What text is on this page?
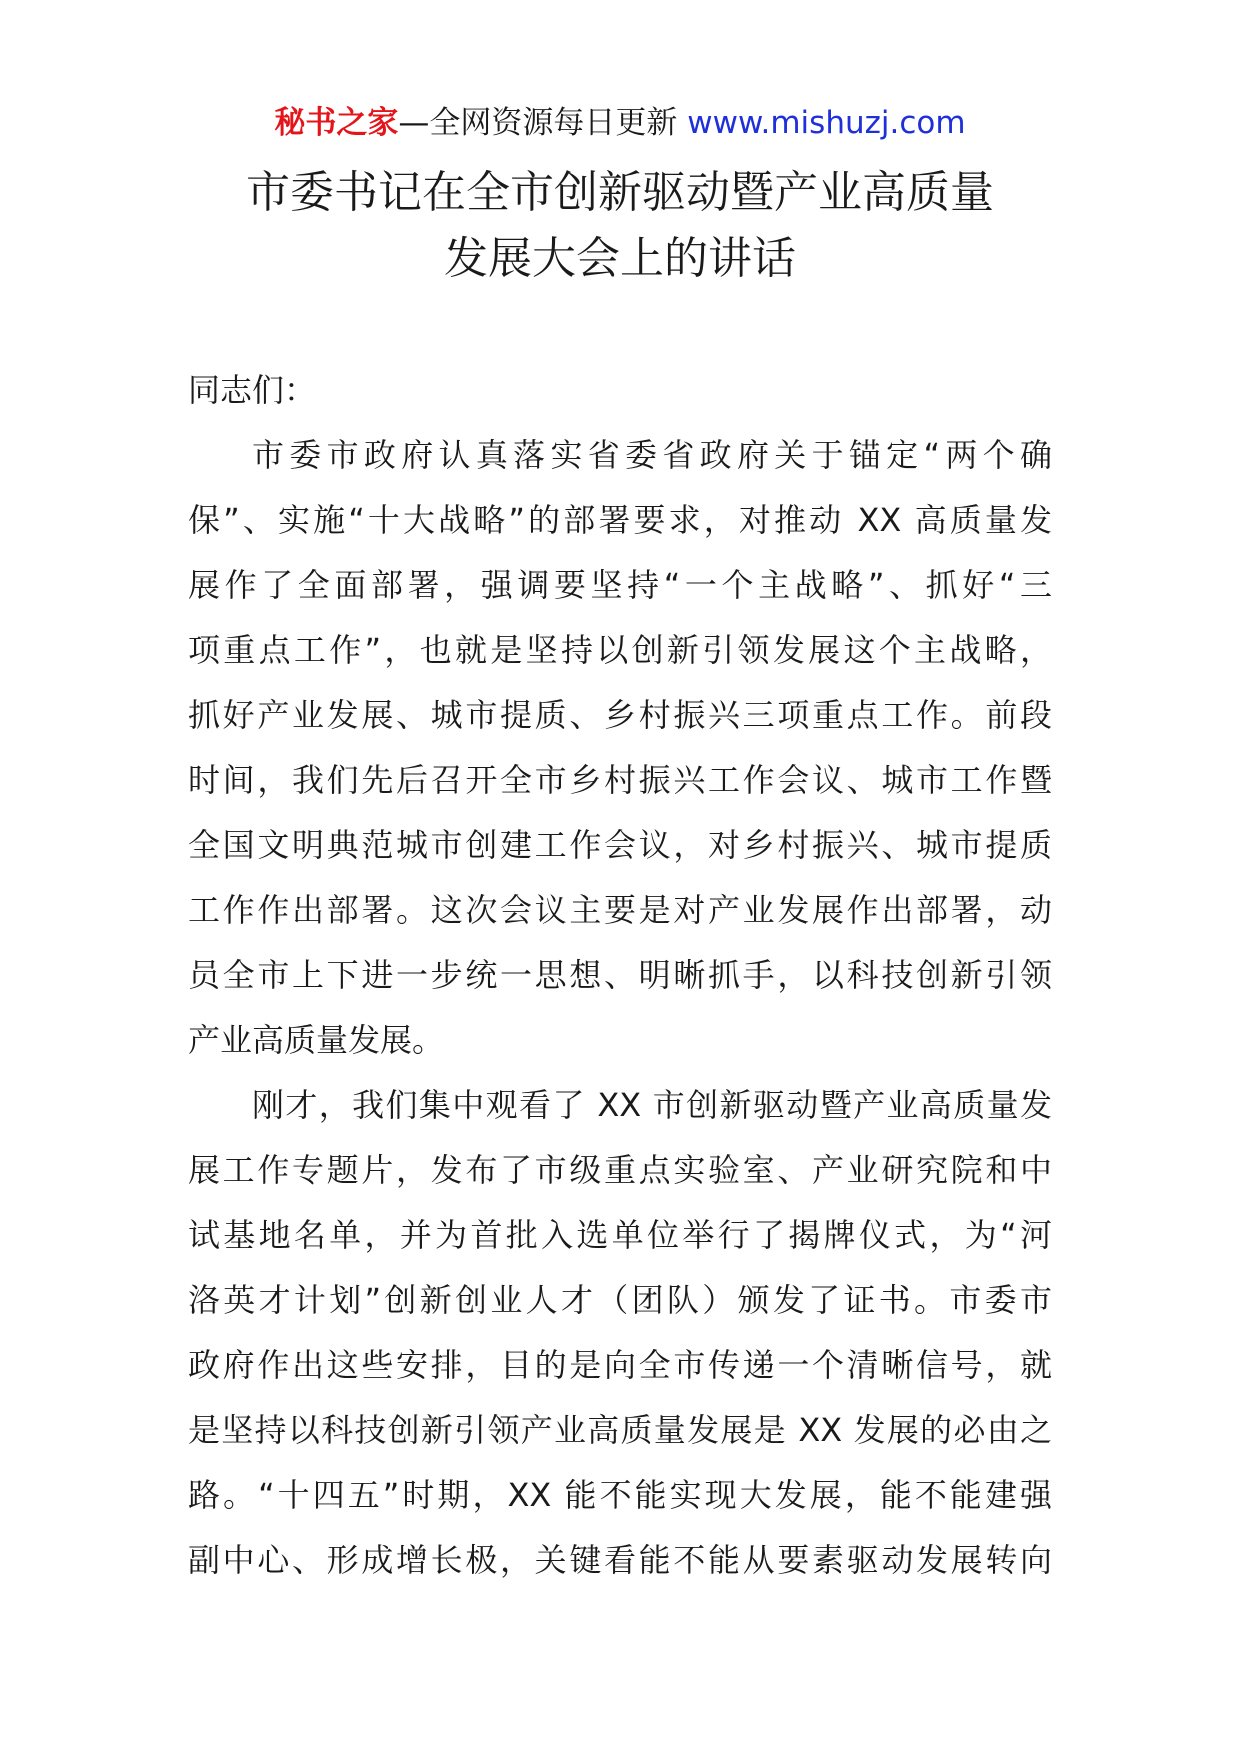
秘书之家—全网资源每日更新 www.mishuzj.com
市委书记在全市创新驱动暨产业高质量
发展大会上的讲话
同志们：
市委市政府认真落实省委省政府关于锚定“两个确
保”、实施“十大战略”的部署要求，对推动 XX 高质量发
展作了全面部署，强调要坚持“一个主战略”、抓好“三
项重点工作”，也就是坚持以创新引领发展这个主战略，
抓好产业发展、城市提质、乡村振兴三项重点工作。前段
时间，我们先后召开全市乡村振兴工作会议、城市工作暨
全国文明典范城市创建工作会议，对乡村振兴、城市提质
工作作出部署。这次会议主要是对产业发展作出部署，动
员全市上下进一步统一思想、明晰抓手，以科技创新引领
产业高质量发展。
刚才，我们集中观看了 XX 市创新驱动暨产业高质量发
展工作专题片，发布了市级重点实验室、产业研究院和中
试基地名单，并为首批入选单位举行了揭牌仪式，为“河
洛英才计划”创新创业人才（团队）颁发了证书。市委市
政府作出这些安排，目的是向全市传递一个清晰信号，就
是坚持以科技创新引领产业高质量发展是 XX 发展的必由之
路。“十四五”时期，XX 能不能实现大发展，能不能建强
副中心、形成增长极，关键看能不能从要素驱动发展转向
